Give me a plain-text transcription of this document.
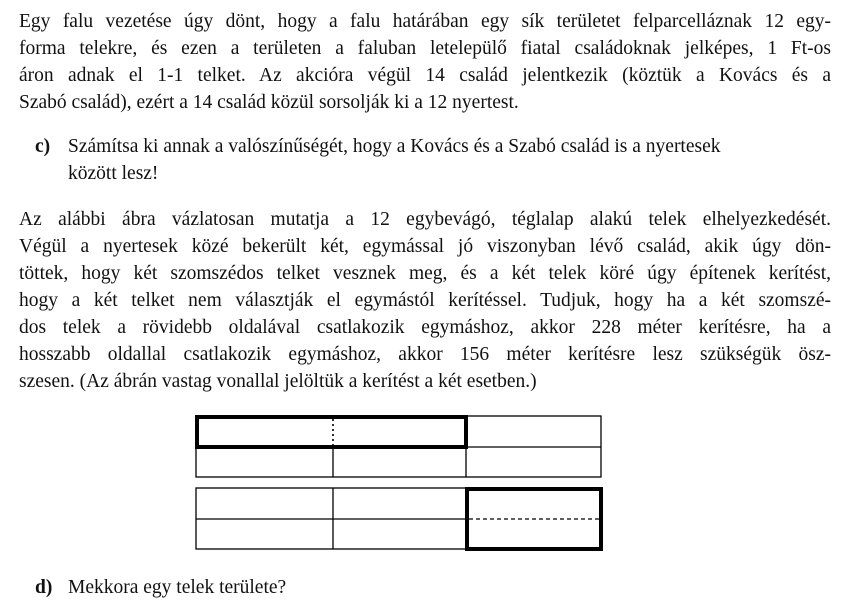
Egy falu vezetése úgy dönt, hogy a falu határában egy sík területet felparcelláznak 12 egy-
forma telekre, és ezen a területen a faluban letelepülő fiatal családoknak jelképes, 1 Ft-os
áron adnak el 1-1 telket. Az akcióra végül 14 család jelentkezik (köztük a Kovács és a
Szabó család), ezért a 14 család közül sorsolják ki a 12 nyertest.
c) Számítsa ki annak a valószínűségét, hogy a Kovács és a Szabó család is a nyertesek
között lesz!
Az alábbi ábra vázlatosan mutatja a 12 egybevágó, téglalap alakú telek elhelyezkedését.
Végül a nyertesek közé bekerült két, egymással jó viszonyban lévő család, akik úgy dön-
töttek, hogy két szomszédos telket vesznek meg, és a két telek köré úgy építenek kerítést,
hogy a két telket nem választják el egymástól kerítéssel. Tudjuk, hogy ha a két szomszé-
dos telek a rövidebb oldalával csatlakozik egymáshoz, akkor 228 méter kerítésre, ha a
hosszabb oldallal csatlakozik egymáshoz, akkor 156 méter kerítésre lesz szükségük ösz-
szesen. (Az ábrán vastag vonallal jelöltük a kerítést a két esetben.)
d) Mekkora egy telek területe?
